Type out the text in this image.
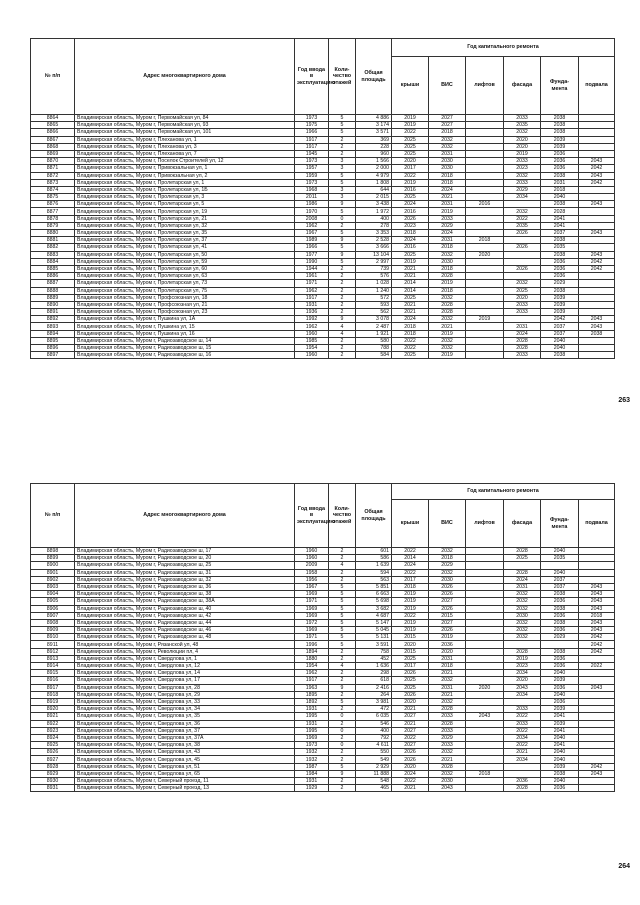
№ п/п	Адрес многоквартирного дома	Год ввода в эксплуатацию	Коли-чество этажей	Общая площадь	Год капитального ремонта					
					крыши	ВИС	лифтов	фасада	Фунда-мента	подвала
8864	Владимирская область, Муром г, Первомайская ул, 84	1973	5	4 886	2019	2027		2033	2038	
8865	Владимирская область, Муром г, Первомайская ул, 93	1975	5	3 174	2019	2027		2035	2038	
8866	Владимирская область, Муром г, Первомайская ул, 101	1966	5	3 571	2022	2018		2032	2038	
8867	Владимирская область, Муром г, Плеханова ул, 1	1917	2	369	2025	2032		2020	2039	
8868	Владимирская область, Муром г, Плеханова ул, 3	1917	2	228	2025	2032		2020	2039	
8869	Владимирская область, Муром г, Плеханова ул, 7	1945	2	960	2025	2031		2019	2036	
8870	Владимирская область, Муром г, Поселок Строителей ул, 12	1973	3	1 566	2020	2030		2033	2036	2043
8871	Владимирская область, Муром г, Привокзальная ул, 1	1957	3	2 000	2017	2030		2023	2036	2042
8872	Владимирская область, Муром г, Привокзальная ул, 2	1959	5	4 979	2022	2018		2032	2038	2043
8873	Владимирская область, Муром г, Пролетарская ул, 1	1973	5	1 808	2019	2018		2033	2031	2042
8874	Владимирская область, Муром г, Пролетарская ул, 1Б	1968	3	644	2016	2024		2029	2018	
8875	Владимирская область, Муром г, Пролетарская ул, 3	2011	3	2 015	2025	2021		2034	2040	
8876	Владимирская область, Муром г, Пролетарская ул, 5	1986	9	3 438	2024	2031	2016		2038	2043
8877	Владимирская область, Муром г, Пролетарская ул, 19	1970	5	1 972	2016	2019		2032	2028	
8878	Владимирская область, Муром г, Пролетарская ул, 21	2008	0	400	2026	2033		2022	2041	
8879	Владимирская область, Муром г, Пролетарская ул, 32	1962	2	278	2023	2029		2035	2041	
8880	Владимирская область, Муром г, Пролетарская ул, 35	1967	5	3 353	2018	2024		2026	2037	2043
8881	Владимирская область, Муром г, Пролетарская ул, 37	1989	9	2 528	2024	2031	2018		2038	
8882	Владимирская область, Муром г, Пролетарская ул, 41	1966	5	3 666	2016	2018		2026	2035	
8883	Владимирская область, Муром г, Пролетарская ул, 50	1977	9	13 104	2025	2032	2020		2038	2043
8884	Владимирская область, Муром г, Пролетарская ул, 59	1990	5	2 997	2019	2030			2036	2042
8885	Владимирская область, Муром г, Пролетарская ул, 60	1944	2	739	2021	2018		2026	2036	2042
8886	Владимирская область, Муром г, Пролетарская ул, 63	1961	2	576	2021	2028			2036	
8887	Владимирская область, Муром г, Пролетарская ул, 73	1971	2	1 028	2014	2019		2032	2029	
8888	Владимирская область, Муром г, Пролетарская ул, 75	1962	2	1 240	2014	2018		2025	2038	
8889	Владимирская область, Муром г, Профсоюзная ул, 18	1917	2	572	2025	2032		2020	2039	
8890	Владимирская область, Муром г, Профсоюзная ул, 21	1931	2	593	2021	2028		2033	2039	
8891	Владимирская область, Муром г, Профсоюзная ул, 23	1936	2	562	2021	2028		2033	2039	
8892	Владимирская область, Муром г, Пушкина ул, 1А	1992	9	3 078	2024	2032	2019		2042	2043
8893	Владимирская область, Муром г, Пушкина ул, 15	1962	4	2 487	2018	2021		2031	2037	2043
8894	Владимирская область, Муром г, Пушкина ул, 16	1960	4	1 921	2018	2019		2024	2037	2038
8895	Владимирская область, Муром г, Радиозаводское ш, 14	1985	2	580	2022	2032		2028	2040	
8896	Владимирская область, Муром г, Радиозаводское ш, 15	1954	2	788	2022	2032		2028	2040	
8897	Владимирская область, Муром г, Радиозаводское ш, 16	1960	2	584	2025	2019		2033	2038	
263
№ п/п	Адрес многоквартирного дома	Год ввода в эксплуатацию	Коли-чество этажей	Общая площадь	Год капитального ремонта					
					крыши	ВИС	лифтов	фасада	Фунда-мента	подвала
8898	Владимирская область, Муром г, Радиозаводское ш, 17	1960	2	601	2022	2032		2028	2040	
8899	Владимирская область, Муром г, Радиозаводское ш, 20	1960	2	586	2014	2018		2025	2035	
8900	Владимирская область, Муром г, Радиозаводское ш, 25	2009	4	1 639	2024	2029				
8901	Владимирская область, Муром г, Радиозаводское ш, 31	1958	2	594	2022	2032		2028	2040	
8902	Владимирская область, Муром г, Радиозаводское ш, 32	1956	2	563	2017	2030		2024	2037	
8903	Владимирская область, Муром г, Радиозаводское ш, 36	1967	5	5 851	2018	2026		2031	2037	2043
8904	Владимирская область, Муром г, Радиозаводское ш, 38	1969	5	6 663	2019	2026		2032	2038	2043
8905	Владимирская область, Муром г, Радиозаводское ш, 38А	1971	5	5 698	2019	2027		2032	2036	2043
8906	Владимирская область, Муром г, Радиозаводское ш, 40	1969	5	3 682	2019	2026		2032	2038	2043
8907	Владимирская область, Муром г, Радиозаводское ш, 42	1969	5	4 687	2022	2015		2030	2036	2018
8908	Владимирская область, Муром г, Радиозаводское ш, 44	1972	5	5 147	2019	2027		2032	2038	2043
8909	Владимирская область, Муром г, Радиозаводское ш, 46	1969	5	5 045	2019	2026		2032	2036	2043
8910	Владимирская область, Муром г, Радиозаводское ш, 48	1971	5	5 131	2015	2019		2032	2029	2042
8911	Владимирская область, Муром г, Рязанской ул, 48	1996	5	3 591	2020	2036				2042
8912	Владимирская область, Муром г, Революции пл, 4	1894	2	758	2015	2020		2028	2038	2042
8913	Владимирская область, Муром г, Свердлова ул, 1	1880	2	452	2025	2031		2019	2036	
8914	Владимирская область, Муром г, Свердлова ул, 12	1954	4	1 636	2017	2018		2023	2036	2022
8915	Владимирская область, Муром г, Свердлова ул, 14	1962	2	298	2026	2021		2034	2040	
8916	Владимирская область, Муром г, Свердлова ул, 17	1917	2	618	2025	2032		2020	2039	
8917	Владимирская область, Муром г, Свердлова ул, 28	1963	9	2 416	2025	2031	2020	2043	2036	2043
8918	Владимирская область, Муром г, Свердлова ул, 29	1895	2	264	2026	2021		2034	2040	
8919	Владимирская область, Муром г, Свердлова ул, 33	1892	5	3 981	2020	2032			2036	
8920	Владимирская область, Муром г, Свердлова ул, 34	1931	2	472	2021	2028		2033	2039	
8921	Владимирская область, Муром г, Свердлова ул, 35	1995	0	6 035	2027	2033	2043	2022	2041	
8922	Владимирская область, Муром г, Свердлова ул, 36	1931	2	546	2021	2028		2033	2039	
8923	Владимирская область, Муром г, Свердлова ул, 37	1995	0	400	2027	2033		2022	2041	
8924	Владимирская область, Муром г, Свердлова ул, 37А	1969	2	792	2022	2029		2034	2040	
8925	Владимирская область, Муром г, Свердлова ул, 38	1973	0	4 611	2027	2033		2022	2041	
8926	Владимирская область, Муром г, Свердлова ул, 43	1932	2	550	2026	2032		2021	2040	
8927	Владимирская область, Муром г, Свердлова ул, 45	1932	2	549	2026	2021		2034	2040	
8928	Владимирская область, Муром г, Свердлова ул, 51	1987	5	2 929	2020	2028			2039	2042
8929	Владимирская область, Муром г, Свердлова ул, 65	1984	9	11 888	2024	2032	2018		2038	2043
8930	Владимирская область, Муром г, Северный проезд, 11	1931	2	548	2022	2030		2036	2040	
8931	Владимирская область, Муром г, Северный проезд, 13	1929	2	465	2021	2043		2028	2036	
264
